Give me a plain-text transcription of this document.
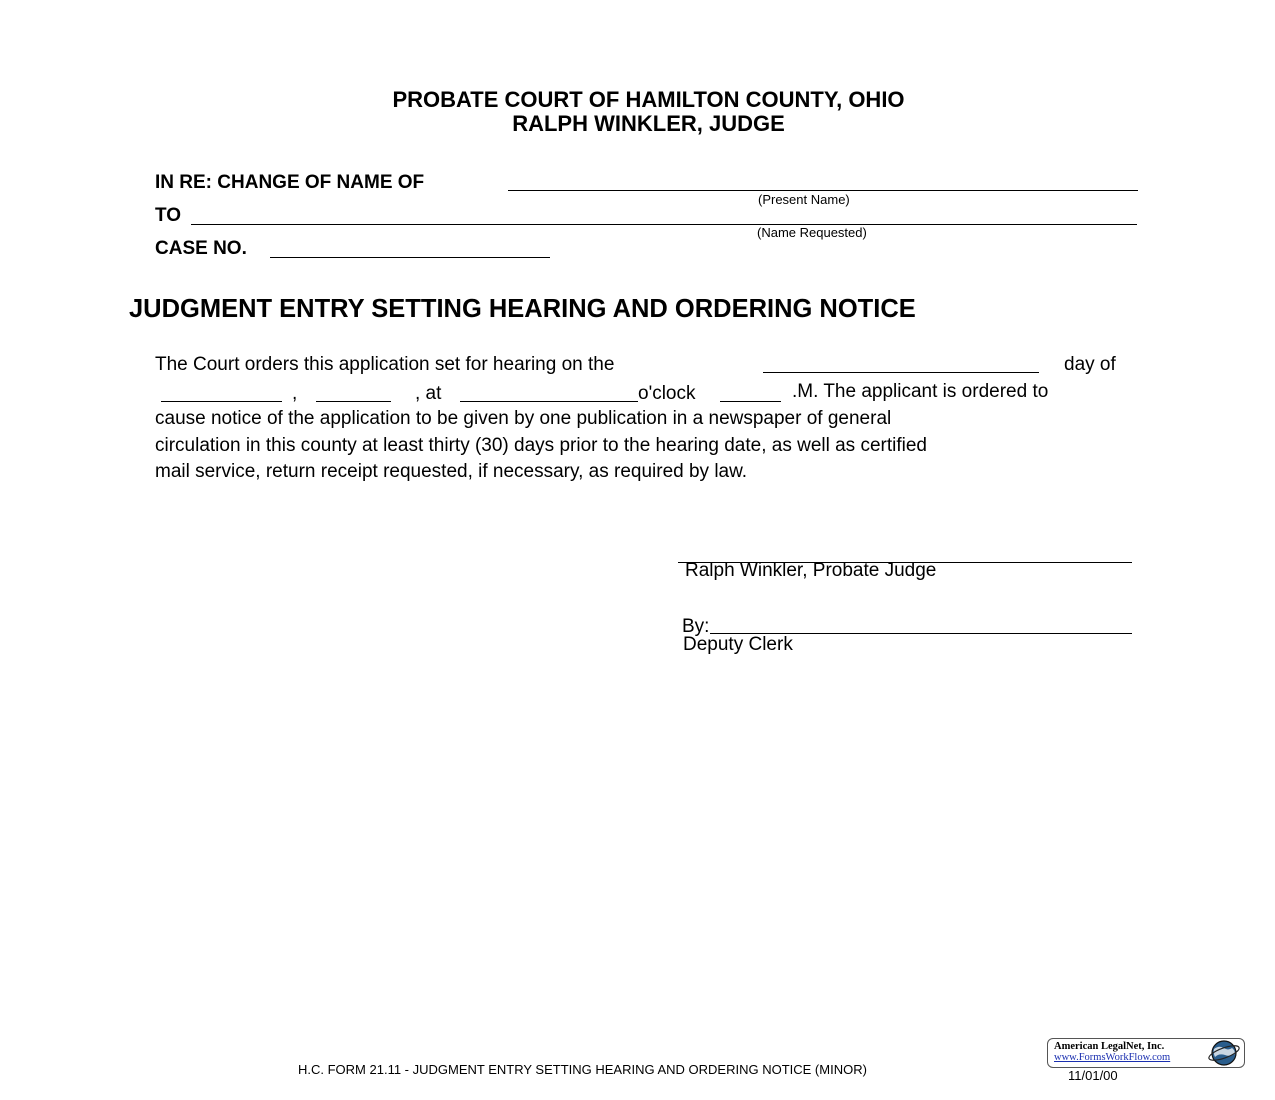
PROBATE COURT OF HAMILTON COUNTY, OHIO
RALPH WINKLER, JUDGE
IN RE: CHANGE OF NAME OF
(Present Name)
TO
(Name Requested)
CASE NO.
JUDGMENT ENTRY SETTING HEARING AND ORDERING NOTICE
The Court orders this application set for hearing on the	day of
,	, at	o'clock	.M. The applicant is ordered to
cause notice of the application to be given by one publication in a newspaper of general
circulation in this county at least thirty (30) days prior to the hearing date, as well as certified
mail service, return receipt requested, if necessary, as required by law.
Ralph Winkler, Probate Judge
By:
Deputy Clerk
H.C. FORM 21.11 - JUDGMENT ENTRY SETTING HEARING AND ORDERING NOTICE (MINOR)
American LegalNet, Inc.
www.FormsWorkFlow.com
11/01/00
